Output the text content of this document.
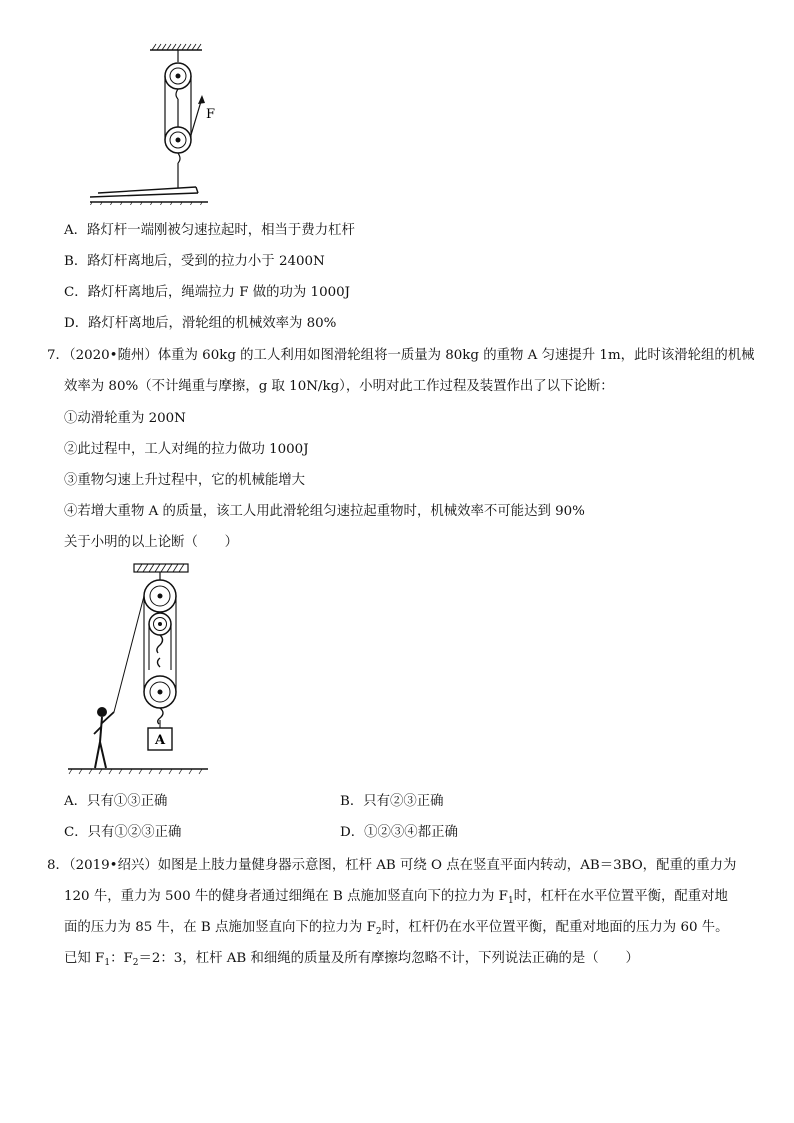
F
A．路灯杆一端刚被匀速拉起时，相当于费力杠杆
B．路灯杆离地后，受到的拉力小于 2400N
C．路灯杆离地后，绳端拉力 F 做的功为 1000J
D．路灯杆离地后，滑轮组的机械效率为 80%
7．（2020•随州）体重为 60kg 的工人利用如图滑轮组将一质量为 80kg 的重物 A 匀速提升 1m，此时该滑轮组的机械
效率为 80%（不计绳重与摩擦，g 取 10N/kg），小明对此工作过程及装置作出了以下论断：
①动滑轮重为 200N
②此过程中，工人对绳的拉力做功 1000J
③重物匀速上升过程中，它的机械能增大
④若增大重物 A 的质量，该工人用此滑轮组匀速拉起重物时，机械效率不可能达到 90%
关于小明的以上论断（　　）
A
A．只有①③正确	B．只有②③正确
C．只有①②③正确	D．①②③④都正确
8．（2019•绍兴）如图是上肢力量健身器示意图，杠杆 AB 可绕 O 点在竖直平面内转动，AB＝3BO，配重的重力为
120 牛，重力为 500 牛的健身者通过细绳在 B 点施加竖直向下的拉力为 $F_1$时，杠杆在水平位置平衡，配重对地
面的压力为 85 牛，在 B 点施加竖直向下的拉力为 $F_2$时，杠杆仍在水平位置平衡，配重对地面的压力为 60 牛。
已知 $F_1$：$F_2=2$：3，杠杆 AB 和细绳的质量及所有摩擦均忽略不计，下列说法正确的是（　　）
